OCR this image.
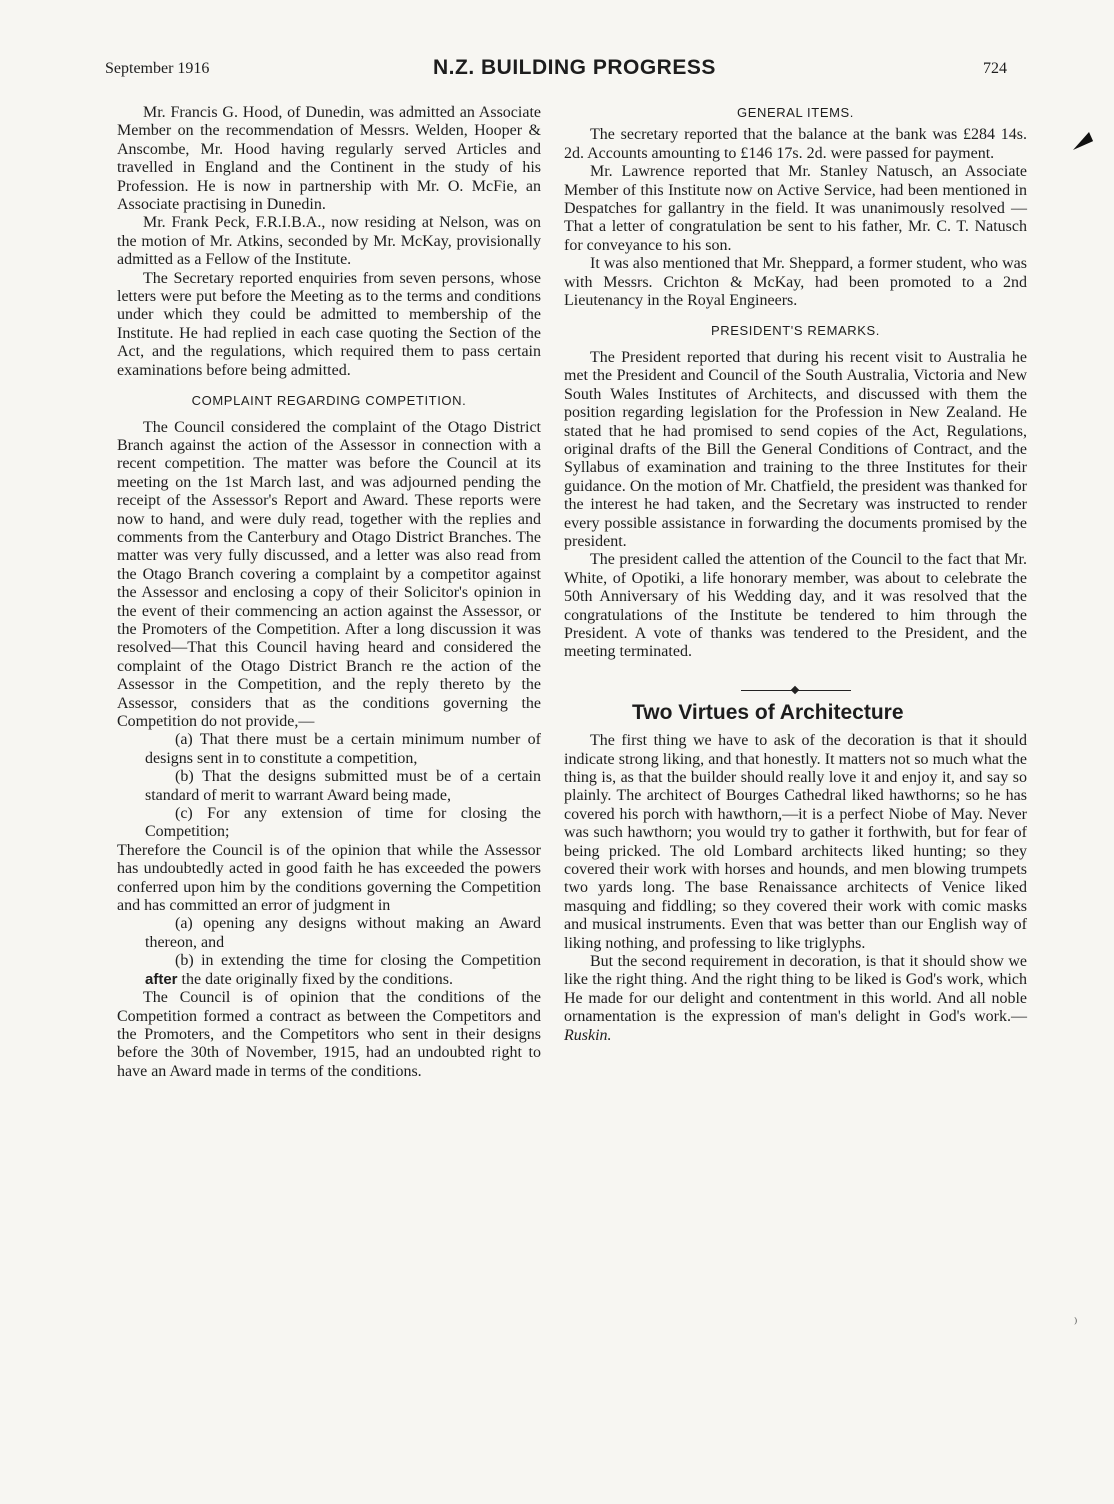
September 1916	N.Z. BUILDING PROGRESS	724

Mr. Francis G. Hood, of Dunedin, was admitted an Associate Member on the recommendation of Messrs. Welden, Hooper & Anscombe, Mr. Hood having regularly served Articles and travelled in England and the Continent in the study of his Profession. He is now in partnership with Mr. O. McFie, an Associate practising in Dunedin.

Mr. Frank Peck, F.R.I.B.A., now residing at Nelson, was on the motion of Mr. Atkins, seconded by Mr. McKay, provisionally admitted as a Fellow of the Institute.

The Secretary reported enquiries from seven persons, whose letters were put before the Meeting as to the terms and conditions under which they could be admitted to membership of the Institute. He had replied in each case quoting the Section of the Act, and the regulations, which required them to pass certain examinations before being admitted.

COMPLAINT REGARDING COMPETITION.

The Council considered the complaint of the Otago District Branch against the action of the Assessor in connection with a recent competition. The matter was before the Council at its meeting on the 1st March last, and was adjourned pending the receipt of the Assessor's Report and Award. These reports were now to hand, and were duly read, together with the replies and comments from the Canterbury and Otago District Branches. The matter was very fully discussed, and a letter was also read from the Otago Branch covering a complaint by a competitor against the Assessor and enclosing a copy of their Solicitor's opinion in the event of their commencing an action against the Assessor, or the Promoters of the Competition. After a long discussion it was resolved—That this Council having heard and considered the complaint of the Otago District Branch re the action of the Assessor in the Competition, and the reply thereto by the Assessor, considers that as the conditions governing the Competition do not provide,—

(a) That there must be a certain minimum number of designs sent in to constitute a competition,

(b) That the designs submitted must be of a certain standard of merit to warrant Award being made,

(c) For any extension of time for closing the Competition;

Therefore the Council is of the opinion that while the Assessor has undoubtedly acted in good faith he has exceeded the powers conferred upon him by the conditions governing the Competition and has committed an error of judgment in

(a) opening any designs without making an Award thereon, and

(b) in extending the time for closing the Competition after the date originally fixed by the conditions.

The Council is of opinion that the conditions of the Competition formed a contract as between the Competitors and the Promoters, and the Competitors who sent in their designs before the 30th of November, 1915, had an undoubted right to have an Award made in terms of the conditions.

GENERAL ITEMS.

The secretary reported that the balance at the bank was £284 14s. 2d. Accounts amounting to £146 17s. 2d. were passed for payment.

Mr. Lawrence reported that Mr. Stanley Natusch, an Associate Member of this Institute now on Active Service, had been mentioned in Despatches for gallantry in the field. It was unanimously resolved —That a letter of congratulation be sent to his father, Mr. C. T. Natusch for conveyance to his son.

It was also mentioned that Mr. Sheppard, a former student, who was with Messrs. Crichton & McKay, had been promoted to a 2nd Lieutenancy in the Royal Engineers.

PRESIDENT'S REMARKS.

The President reported that during his recent visit to Australia he met the President and Council of the South Australia, Victoria and New South Wales Institutes of Architects, and discussed with them the position regarding legislation for the Profession in New Zealand. He stated that he had promised to send copies of the Act, Regulations, original drafts of the Bill the General Conditions of Contract, and the Syllabus of examination and training to the three Institutes for their guidance. On the motion of Mr. Chatfield, the president was thanked for the interest he had taken, and the Secretary was instructed to render every possible assistance in forwarding the documents promised by the president.

The president called the attention of the Council to the fact that Mr. White, of Opotiki, a life honorary member, was about to celebrate the 50th Anniversary of his Wedding day, and it was resolved that the congratulations of the Institute be tendered to him through the President. A vote of thanks was tendered to the President, and the meeting terminated.

Two Virtues of Architecture

The first thing we have to ask of the decoration is that it should indicate strong liking, and that honestly. It matters not so much what the thing is, as that the builder should really love it and enjoy it, and say so plainly. The architect of Bourges Cathedral liked hawthorns; so he has covered his porch with hawthorn,—it is a perfect Niobe of May. Never was such hawthorn; you would try to gather it forthwith, but for fear of being pricked. The old Lombard architects liked hunting; so they covered their work with horses and hounds, and men blowing trumpets two yards long. The base Renaissance architects of Venice liked masquing and fiddling; so they covered their work with comic masks and musical instruments. Even that was better than our English way of liking nothing, and professing to like triglyphs.

But the second requirement in decoration, is that it should show we like the right thing. And the right thing to be liked is God's work, which He made for our delight and contentment in this world. And all noble ornamentation is the expression of man's delight in God's work.—Ruskin.

⁾
